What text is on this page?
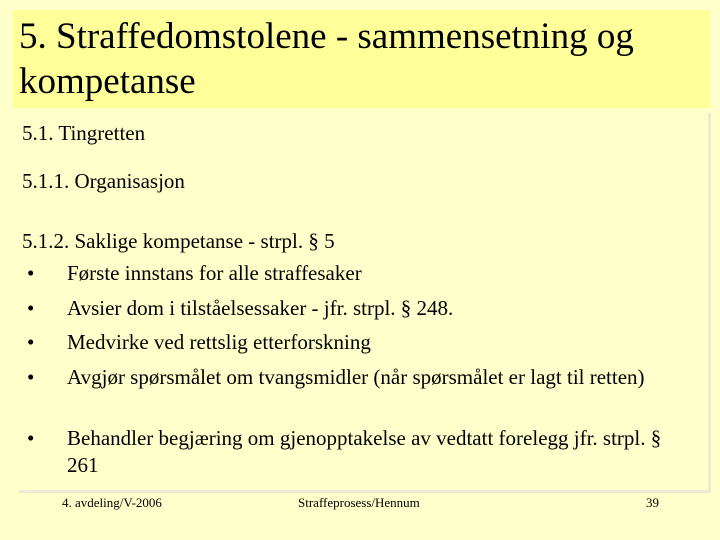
5. Straffedomstolene - sammensetning og kompetanse
5.1. Tingretten
5.1.1. Organisasjon
5.1.2. Saklige kompetanse - strpl. § 5
• Første innstans for alle straffesaker
• Avsier dom i tilståelsessaker - jfr. strpl. § 248.
• Medvirke ved rettslig etterforskning
• Avgjør spørsmålet om tvangsmidler (når spørsmålet er lagt til retten)
• Behandler begjæring om gjenopptakelse av vedtatt forelegg jfr. strpl. § 261
4. avdeling/V-2006	Straffeprosess/Hennum	39
